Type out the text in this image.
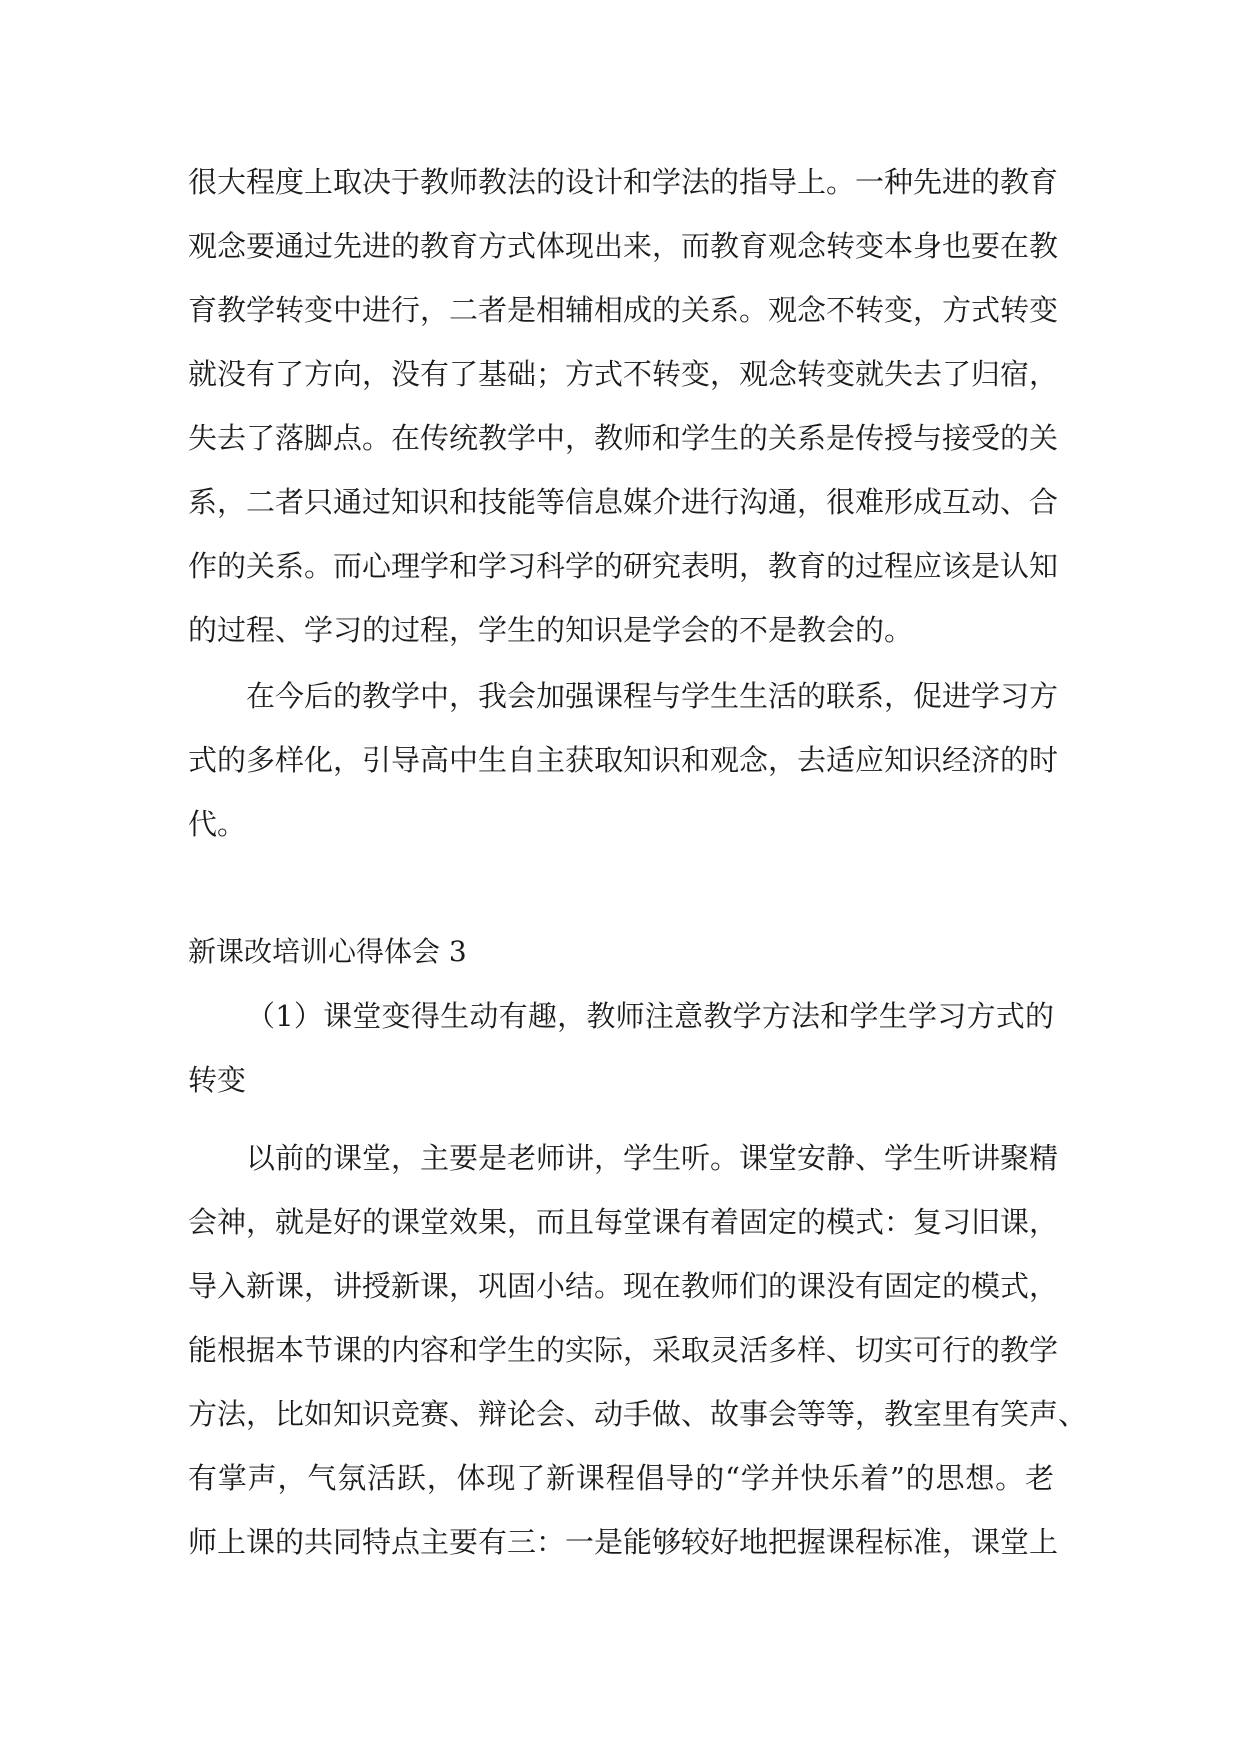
很大程度上取决于教师教法的设计和学法的指导上。一种先进的教育
观念要通过先进的教育方式体现出来，而教育观念转变本身也要在教
育教学转变中进行，二者是相辅相成的关系。观念不转变，方式转变
就没有了方向，没有了基础；方式不转变，观念转变就失去了归宿，
失去了落脚点。在传统教学中，教师和学生的关系是传授与接受的关
系，二者只通过知识和技能等信息媒介进行沟通，很难形成互动、合
作的关系。而心理学和学习科学的研究表明，教育的过程应该是认知
的过程、学习的过程，学生的知识是学会的不是教会的。
在今后的教学中，我会加强课程与学生生活的联系，促进学习方
式的多样化，引导高中生自主获取知识和观念，去适应知识经济的时
代。
新课改培训心得体会 3
（1）课堂变得生动有趣，教师注意教学方法和学生学习方式的
转变
以前的课堂，主要是老师讲，学生听。课堂安静、学生听讲聚精
会神，就是好的课堂效果，而且每堂课有着固定的模式：复习旧课，
导入新课，讲授新课，巩固小结。现在教师们的课没有固定的模式，
能根据本节课的内容和学生的实际，采取灵活多样、切实可行的教学
方法，比如知识竞赛、辩论会、动手做、故事会等等，教室里有笑声、
有掌声，气氛活跃，体现了新课程倡导的“学并快乐着”的思想。老
师上课的共同特点主要有三：一是能够较好地把握课程标准，课堂上
